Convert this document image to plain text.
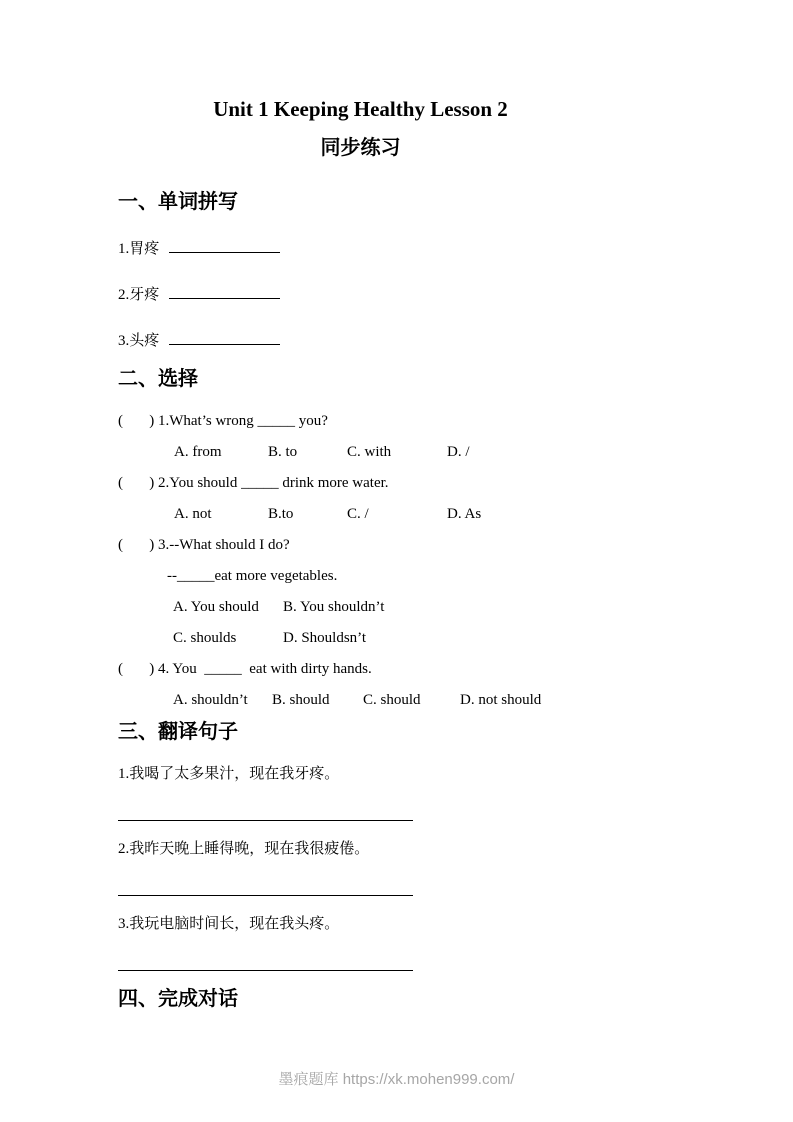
Unit 1 Keeping Healthy Lesson 2
同步练习
一、单词拼写
1.胃疼
2.牙疼
3.头疼
二、选择
(       ) 1.What’s wrong _____ you?
A. from	B. to	C. with	D. /
(       ) 2.You should _____ drink more water.
A. not	B.to	C. /	D. As
(       ) 3.--What should I do?
--_____eat more vegetables.
A. You should	B. You shouldn’t
C. shoulds	D. Shouldsn’t
(       ) 4. You  _____  eat with dirty hands.
A. shouldn’t	B. should	C. should	D. not should
三、翻译句子
1.我喝了太多果汁，现在我牙疼。
2.我昨天晚上睡得晚，现在我很疲倦。
3.我玩电脑时间长，现在我头疼。
四、完成对话
墨痕题库 https://xk.mohen999.com/
